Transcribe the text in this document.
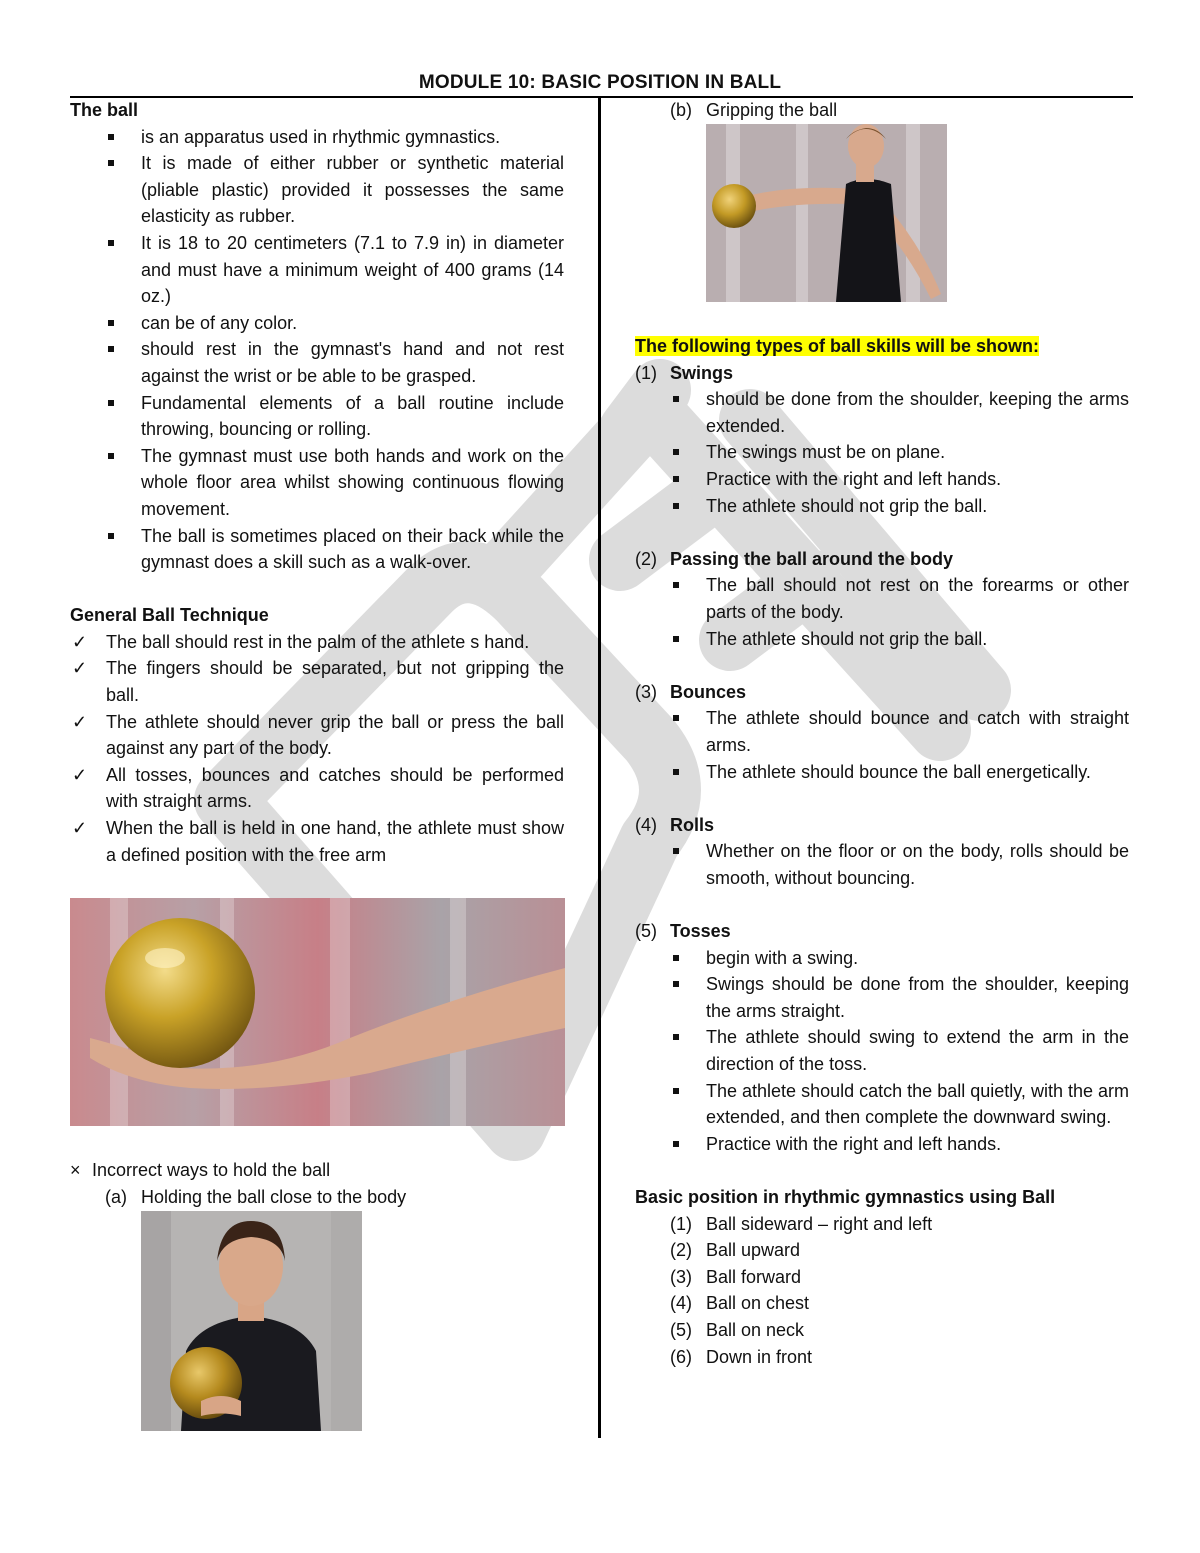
MODULE 10: BASIC POSITION IN BALL
The ball
is an apparatus used in rhythmic gymnastics.
It is made of either rubber or synthetic material (pliable plastic) provided it possesses the same elasticity as rubber.
It is 18 to 20 centimeters (7.1 to 7.9 in) in diameter and must have a minimum weight of 400 grams (14 oz.)
can be of any color.
should rest in the gymnast's hand and not rest against the wrist or be able to be grasped.
Fundamental elements of a ball routine include throwing, bouncing or rolling.
The gymnast must use both hands and work on the whole floor area whilst showing continuous flowing movement.
The ball is sometimes placed on their back while the gymnast does a skill such as a walk-over.
General Ball Technique
✓ The ball should rest in the palm of the athlete s hand.
✓ The fingers should be separated, but not gripping the ball.
✓ The athlete should never grip the ball or press the ball against any part of the body.
✓ All tosses, bounces and catches should be performed with straight arms.
✓ When the ball is held in one hand, the athlete must show a defined position with the free arm
× Incorrect ways to hold the ball
(a) Holding the ball close to the body
(b) Gripping the ball
The following types of ball skills will be shown:
(1) Swings
should be done from the shoulder, keeping the arms extended.
The swings must be on plane.
Practice with the right and left hands.
The athlete should not grip the ball.
(2) Passing the ball around the body
The ball should not rest on the forearms or other parts of the body.
The athlete should not grip the ball.
(3) Bounces
The athlete should bounce and catch with straight arms.
The athlete should bounce the ball energetically.
(4) Rolls
Whether on the floor or on the body, rolls should be smooth, without bouncing.
(5) Tosses
begin with a swing.
Swings should be done from the shoulder, keeping the arms straight.
The athlete should swing to extend the arm in the direction of the toss.
The athlete should catch the ball quietly, with the arm extended, and then complete the downward swing.
Practice with the right and left hands.
Basic position in rhythmic gymnastics using Ball
(1) Ball sideward – right and left
(2) Ball upward
(3) Ball forward
(4) Ball on chest
(5) Ball on neck
(6) Down in front
